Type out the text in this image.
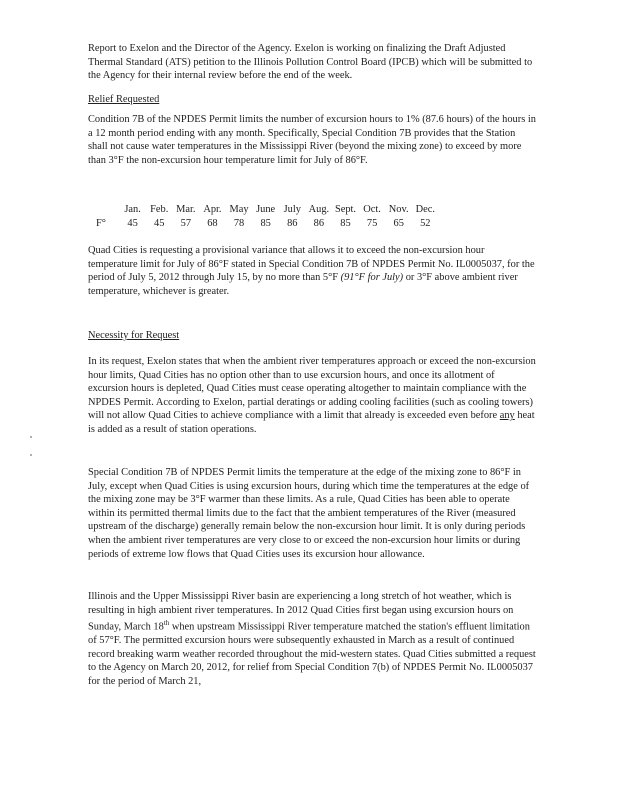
Report to Exelon and the Director of the Agency. Exelon is working on finalizing the Draft Adjusted Thermal Standard (ATS) petition to the Illinois Pollution Control Board (IPCB) which will be submitted to the Agency for their internal review before the end of the week.

Relief Requested

Condition 7B of the NPDES Permit limits the number of excursion hours to 1% (87.6 hours) of the hours in a 12 month period ending with any month. Specifically, Special Condition 7B provides that the Station shall not cause water temperatures in the Mississippi River (beyond the mixing zone) to exceed by more than 3°F the non-excursion hour temperature limit for July of 86°F.

Jan. Feb. Mar. Apr. May June July Aug. Sept. Oct. Nov. Dec.
F° 45 45 57 68 78 85 86 86 85 75 65 52

Quad Cities is requesting a provisional variance that allows it to exceed the non-excursion hour temperature limit for July of 86°F stated in Special Condition 7B of NPDES Permit No. IL0005037, for the period of July 5, 2012 through July 15, by no more than 5°F (91°F for July) or 3°F above ambient river temperature, whichever is greater.

Necessity for Request

In its request, Exelon states that when the ambient river temperatures approach or exceed the non-excursion hour limits, Quad Cities has no option other than to use excursion hours, and once its allotment of excursion hours is depleted, Quad Cities must cease operating altogether to maintain compliance with the NPDES Permit. According to Exelon, partial deratings or adding cooling facilities (such as cooling towers) will not allow Quad Cities to achieve compliance with a limit that already is exceeded even before any heat is added as a result of station operations.

Special Condition 7B of NPDES Permit limits the temperature at the edge of the mixing zone to 86°F in July, except when Quad Cities is using excursion hours, during which time the temperatures at the edge of the mixing zone may be 3°F warmer than these limits. As a rule, Quad Cities has been able to operate within its permitted thermal limits due to the fact that the ambient temperatures of the River (measured upstream of the discharge) generally remain below the non-excursion hour limit. It is only during periods when the ambient river temperatures are very close to or exceed the non-excursion hour limits or during periods of extreme low flows that Quad Cities uses its excursion hour allowance.

Illinois and the Upper Mississippi River basin are experiencing a long stretch of hot weather, which is resulting in high ambient river temperatures. In 2012 Quad Cities first began using excursion hours on Sunday, March 18th when upstream Mississippi River temperature matched the station's effluent limitation of 57°F. The permitted excursion hours were subsequently exhausted in March as a result of continued record breaking warm weather recorded throughout the mid-western states. Quad Cities submitted a request to the Agency on March 20, 2012, for relief from Special Condition 7(b) of NPDES Permit No. IL0005037 for the period of March 21,
